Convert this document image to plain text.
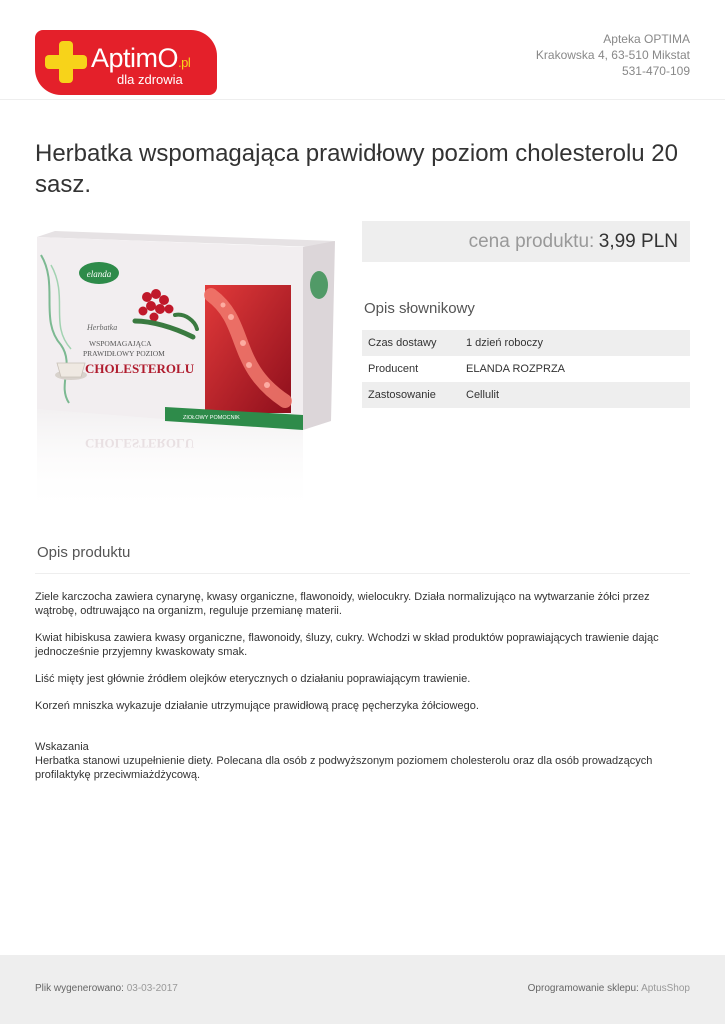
AptimO.pl
dla zdrowia
Apteka OPTIMA
Krakowska 4, 63-510 Mikstat
531-470-109
Herbatka wspomagająca prawidłowy poziom cholesterolu 20 sasz.
elanda
Herbatka
WSPOMAGAJĄCA
PRAWIDŁOWY POZIOM
CHOLESTEROLU
ZIOŁOWY POMOCNIK
CHOLESTEROLU
cena produktu: 3,99 PLN
Opis słownikowy
Czas dostawy	1 dzień roboczy
Producent	ELANDA ROZPRZA
Zastosowanie	Cellulit
Opis produktu

Ziele karczocha zawiera cynarynę, kwasy organiczne, flawonoidy, wielocukry. Działa normalizująco na wytwarzanie żółci przez wątrobę, odtruwająco na organizm, reguluje przemianę materii.

Kwiat hibiskusa zawiera kwasy organiczne, flawonoidy, śluzy, cukry. Wchodzi w skład produktów poprawiających trawienie dając jednocześnie przyjemny kwaskowaty smak.

Liść mięty jest głównie źródłem olejków eterycznych o działaniu poprawiającym trawienie.

Korzeń mniszka wykazuje działanie utrzymujące prawidłową pracę pęcherzyka żółciowego.

Wskazania

Herbatka stanowi uzupełnienie diety. Polecana dla osób z podwyższonym poziomem cholesterolu oraz dla osób prowadzących profilaktykę przeciwmiażdżycową.

Plik wygenerowano: 03-03-2017	Oprogramowanie sklepu: AptusShop
